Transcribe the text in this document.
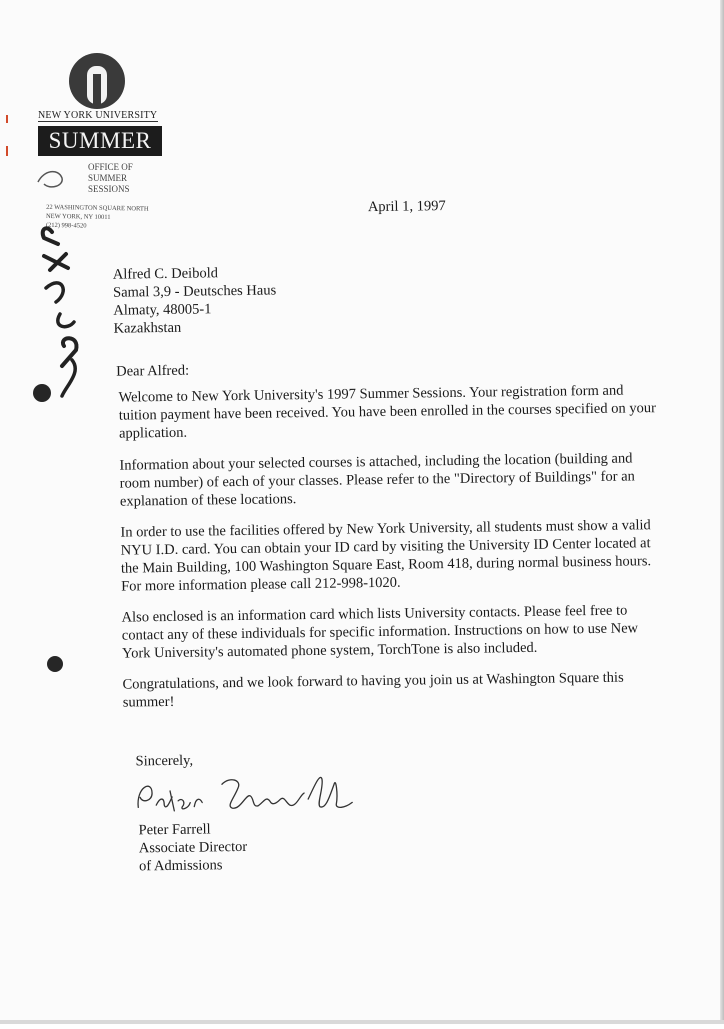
NEW YORK UNIVERSITY
SUMMER
OFFICE OF
SUMMER SESSIONS
22 WASHINGTON SQUARE NORTH
NEW YORK, NY 10011
(212) 998-4520
April 1, 1997
Alfred C. Deibold
Samal 3,9 - Deutsches Haus
Almaty, 48005-1
Kazakhstan
Dear Alfred:
Welcome to New York University's 1997 Summer Sessions. Your registration form and
tuition payment have been received. You have been enrolled in the courses specified on your
application.
Information about your selected courses is attached, including the location (building and
room number) of each of your classes. Please refer to the "Directory of Buildings" for an
explanation of these locations.
In order to use the facilities offered by New York University, all students must show a valid
NYU I.D. card. You can obtain your ID card by visiting the University ID Center located at
the Main Building, 100 Washington Square East, Room 418, during normal business hours.
For more information please call 212-998-1020.
Also enclosed is an information card which lists University contacts. Please feel free to
contact any of these individuals for specific information. Instructions on how to use New
York University's automated phone system, TorchTone is also included.
Congratulations, and we look forward to having you join us at Washington Square this
summer!
Sincerely,
Peter Farrell
Associate Director
of Admissions
